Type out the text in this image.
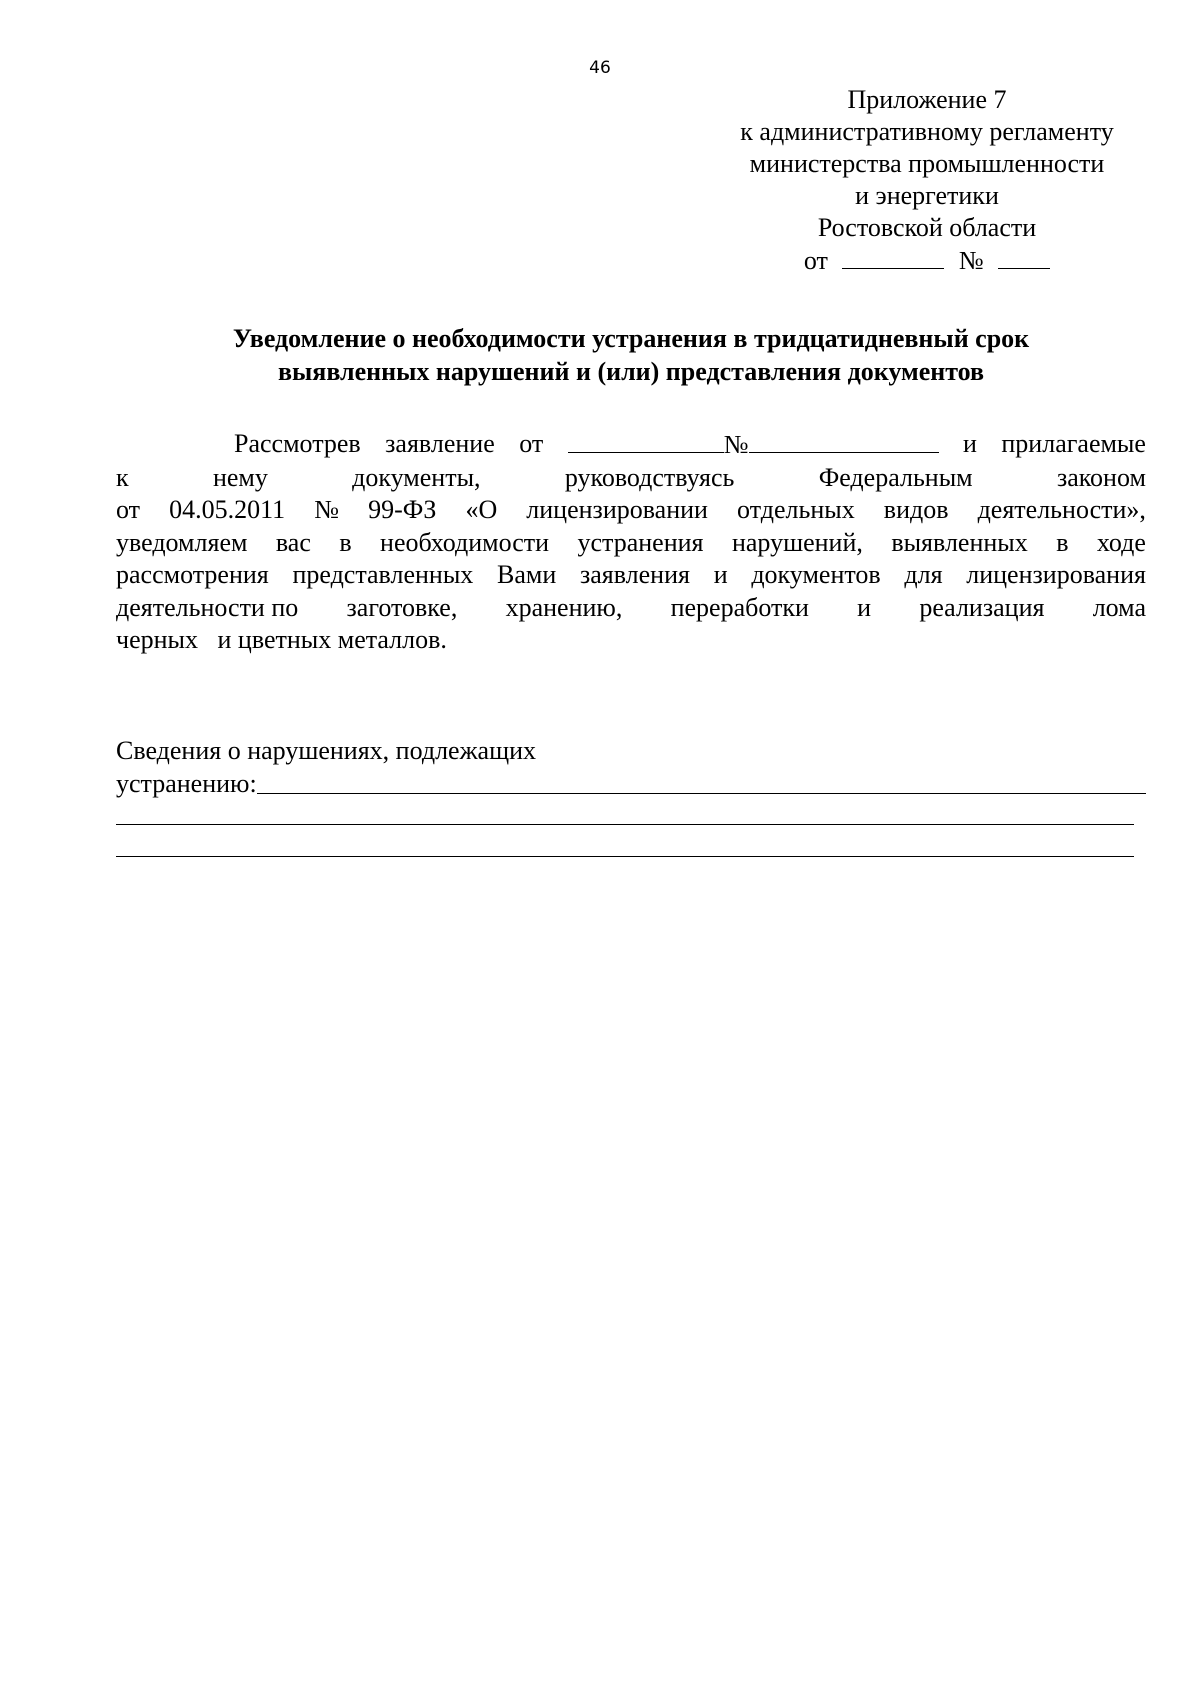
46
Приложение 7
к административному регламенту
министерства промышленности
и энергетики
Ростовской области
от	№
Уведомление о необходимости устранения в тридцатидневный срок
выявленных нарушений и (или) представления документов
Рассмотрев заявление от	№	и прилагаемые
к	нему	документы,	руководствуясь	Федеральным	законом
от 04.05.2011 № 99-ФЗ «О лицензировании отдельных видов деятельности»,
уведомляем вас в необходимости устранения нарушений, выявленных в ходе
рассмотрения представленных Вами заявления и документов для лицензирования
деятельности по заготовке, хранению, переработки и реализация лома
черных   и цветных металлов.
Сведения о нарушениях, подлежащих
устранению:
